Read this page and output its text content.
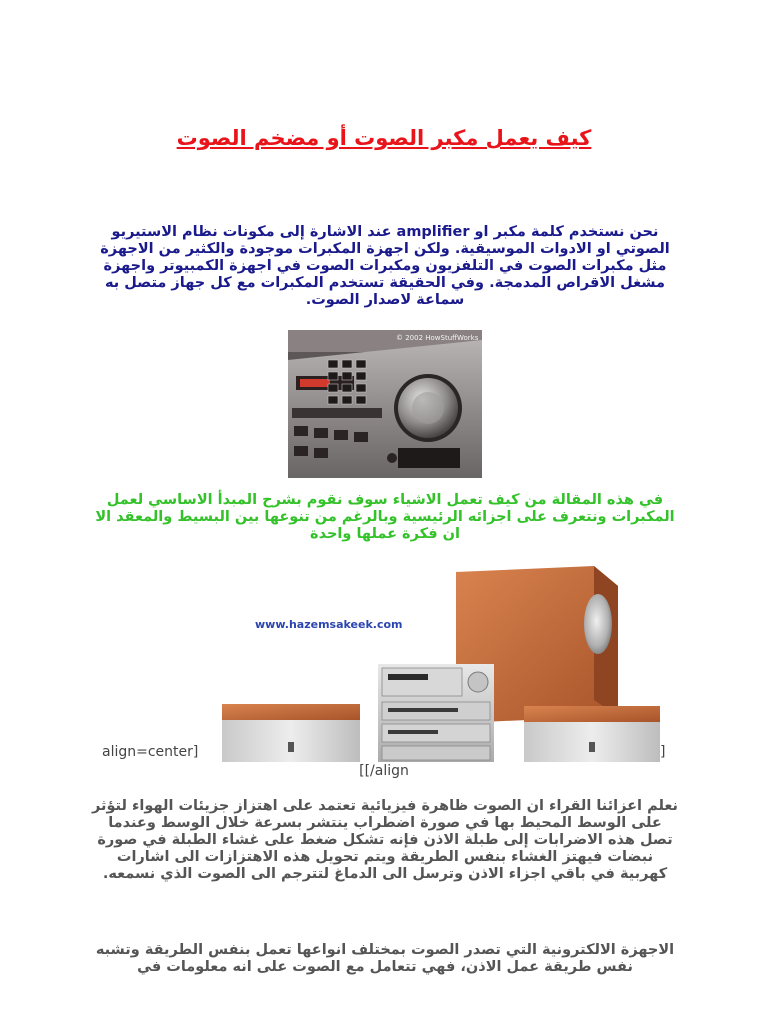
كيف يعمل مكبر الصوت أو مضخم الصوت

نحن نستخدم كلمة مكبر او amplifier عند الاشارة إلى مكونات نظام الاستيريو الصوتي او الادوات الموسيقية. ولكن اجهزة المكبرات موجودة والكثير من الاجهزة مثل مكبرات الصوت في التلفزيون ومكبرات الصوت في اجهزة الكمبيوتر واجهزة مشغل الاقراص المدمجة. وفي الحقيقة تستخدم المكبرات مع كل جهاز متصل به سماعة لاصدار الصوت.

© 2002 HowStuffWorks

في هذه المقالة من كيف تعمل الاشياء سوف نقوم بشرح المبدأ الاساسي لعمل المكبرات ونتعرف على اجزائه الرئيسية وبالرغم من تنوعها بين البسيط والمعقد الا ان فكرة عملها واحدة

www.hazemsakeek.com
align=center]	]
[[/align

نعلم اعزائنا القراء ان الصوت ظاهرة فيزيائية تعتمد على اهتزاز جزيئات الهواء لتؤثر على الوسط المحيط بها في صورة اضطراب ينتشر بسرعة خلال الوسط وعندما تصل هذه الاضرابات إلى طبلة الاذن فإنه تشكل ضغط على غشاء الطبلة في صورة نبضات فيهتز الغشاء بنفس الطريقة ويتم تحويل هذه الاهتزازات الى اشارات كهربية في باقي اجزاء الاذن وترسل الى الدماغ لتترجم الى الصوت الذي نسمعه.

الاجهزة الالكترونية التي تصدر الصوت بمختلف انواعها تعمل بنفس الطريقة وتشبه نفس طريقة عمل الاذن، فهي تتعامل مع الصوت على انه معلومات في
